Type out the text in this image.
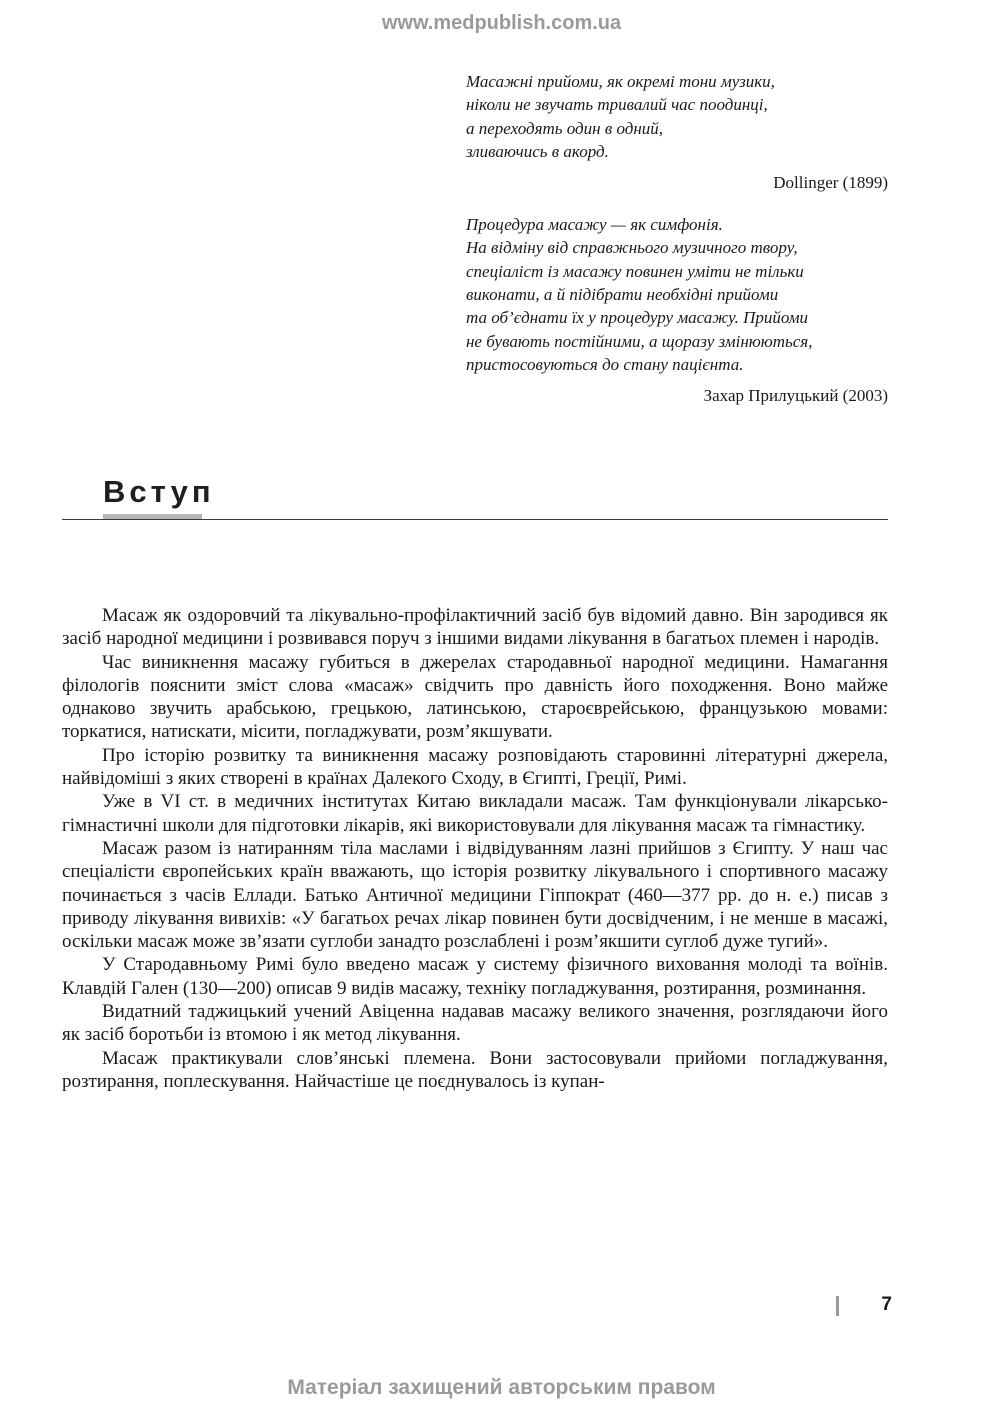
www.medpublish.com.ua

Масажні прийоми, як окремі тони музики,
ніколи не звучать тривалий час поодинці,
а переходять один в одний,
зливаючись в акорд.

Dollinger (1899)

Процедура масажу — як симфонія.
На відміну від справжнього музичного твору,
спеціаліст із масажу повинен уміти не тільки
виконати, а й підібрати необхідні прийоми
та об’єднати їх у процедуру масажу. Прийоми
не бувають постійними, а щоразу змінюються,
пристосовуються до стану пацієнта.

Захар Прилуцький (2003)

Вступ

Масаж як оздоровчий та лікувально-профілактичний засіб був відомий давно. Він зародився як засіб народної медицини і розвивався поруч з іншими видами лікування в багатьох племен і народів.

Час виникнення масажу губиться в джерелах стародавньої народної медицини. Намагання філологів пояснити зміст слова «масаж» свідчить про давність його походження. Воно майже однаково звучить арабською, грецькою, латинською, староєврейською, французькою мовами: торкатися, натискати, місити, погладжувати, розм’якшувати.

Про історію розвитку та виникнення масажу розповідають старовинні літературні джерела, найвідоміші з яких створені в країнах Далекого Сходу, в Єгипті, Греції, Римі.

Уже в VI ст. в медичних інститутах Китаю викладали масаж. Там функціонували лікарсько-гімнастичні школи для підготовки лікарів, які використовували для лікування масаж та гімнастику.

Масаж разом із натиранням тіла маслами і відвідуванням лазні прийшов з Єгипту. У наш час спеціалісти європейських країн вважають, що історія розвитку лікувального і спортивного масажу починається з часів Еллади. Батько Античної медицини Гіппократ (460—377 рр. до н. е.) писав з приводу лікування вивихів: «У багатьох речах лікар повинен бути досвідченим, і не менше в масажі, оскільки масаж може зв’язати суглоби занадто розслаблені і розм’якшити суглоб дуже тугий».

У Стародавньому Римі було введено масаж у систему фізичного виховання молоді та воїнів. Клавдій Гален (130—200) описав 9 видів масажу, техніку погладжування, розтирання, розминання.

Видатний таджицький учений Авіценна надавав масажу великого значення, розглядаючи його як засіб боротьби із втомою і як метод лікування.

Масаж практикували слов’янські племена. Вони застосовували прийоми погладжування, розтирання, поплескування. Найчастіше це поєднувалось із купан-

7
Матеріал захищений авторським правом
